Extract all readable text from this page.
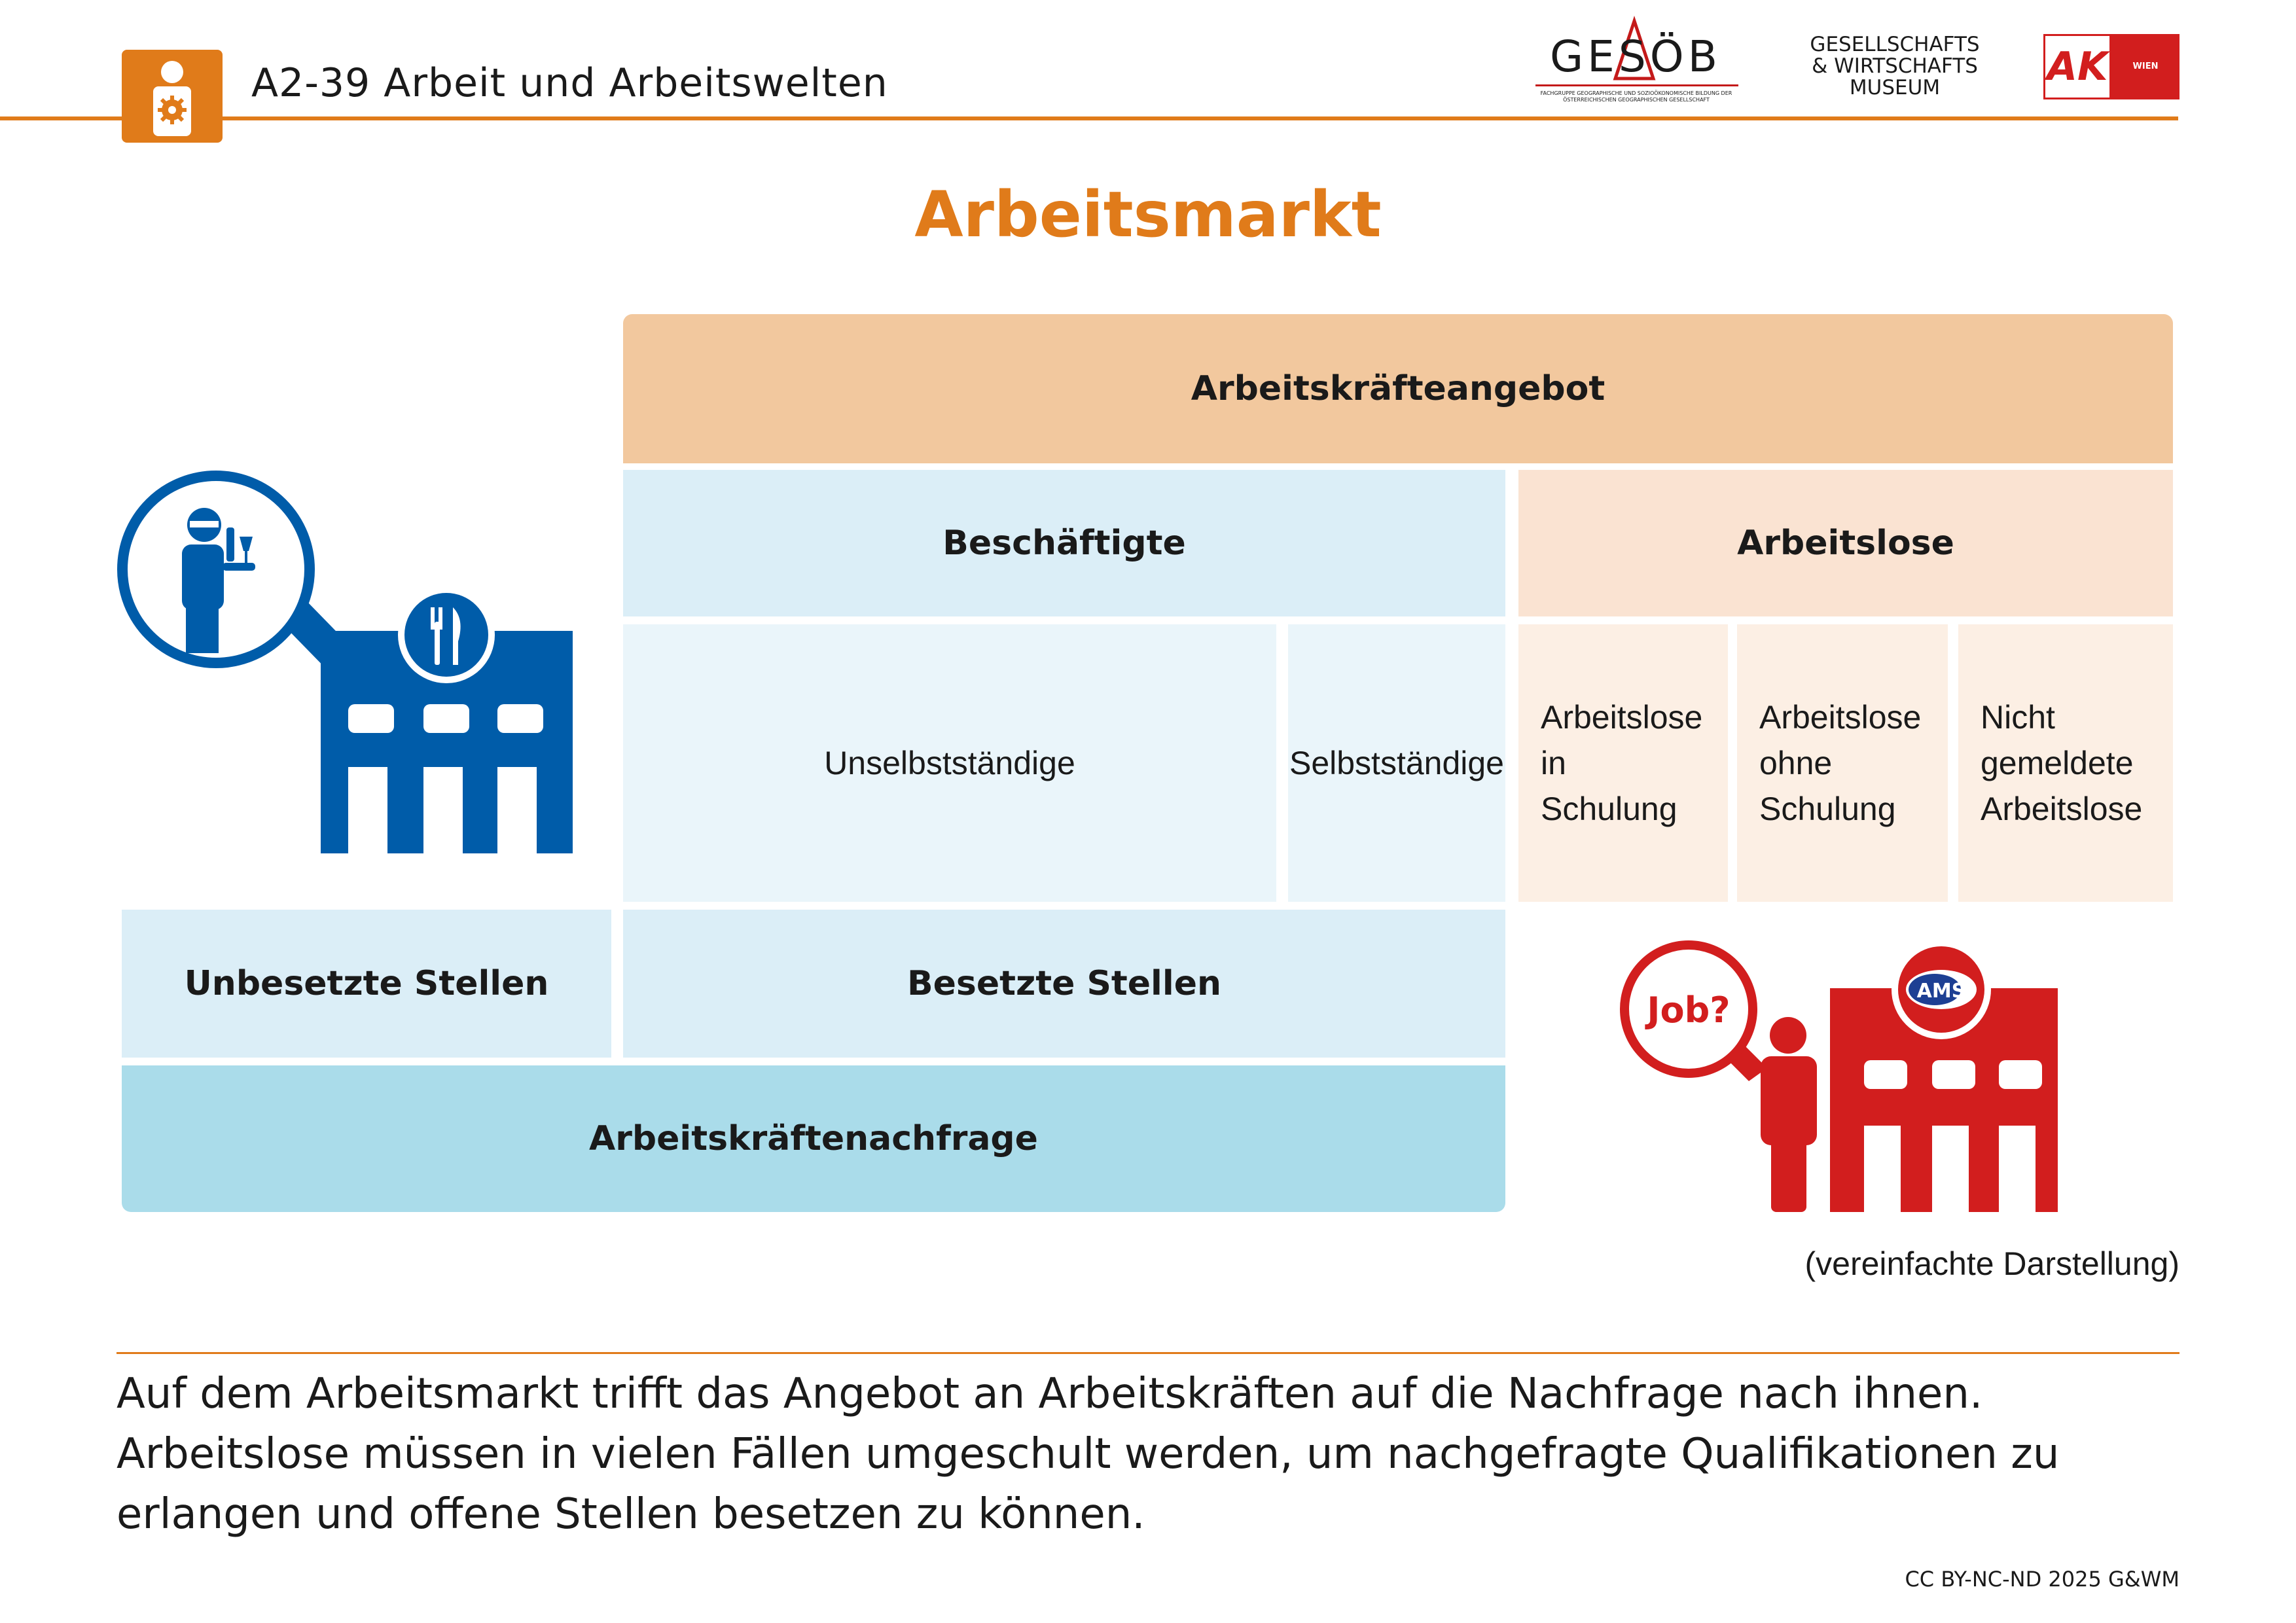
A2-39 Arbeit und Arbeitswelten
GESÖB
FACHGRUPPE GEOGRAPHISCHE UND SOZIOÖKONOMISCHE BILDUNG DER ÖSTERREICHISCHEN GEOGRAPHISCHEN GESELLSCHAFT
GESELLSCHAFTS
& WIRTSCHAFTS
MUSEUM	AK	WIEN
Arbeitsmarkt
Arbeitskräfteangebot
Beschäftigte	Arbeitslose
Unselbstständige	Selbstständige
Arbeitslose
in
Schulung
Arbeitslose
ohne
Schulung
Nicht
gemeldete
Arbeitslose
Unbesetzte Stellen	Besetzte Stellen
Arbeitskräftenachfrage
AMS
Job?
(vereinfachte Darstellung)
Auf dem Arbeitsmarkt trifft das Angebot an Arbeitskräften auf die Nachfrage nach ihnen. Arbeitslose müssen in vielen Fällen umgeschult werden, um nachgefragte Qualifikationen zu erlangen und offene Stellen besetzen zu können.
CC BY-NC-ND 2025 G&WM
